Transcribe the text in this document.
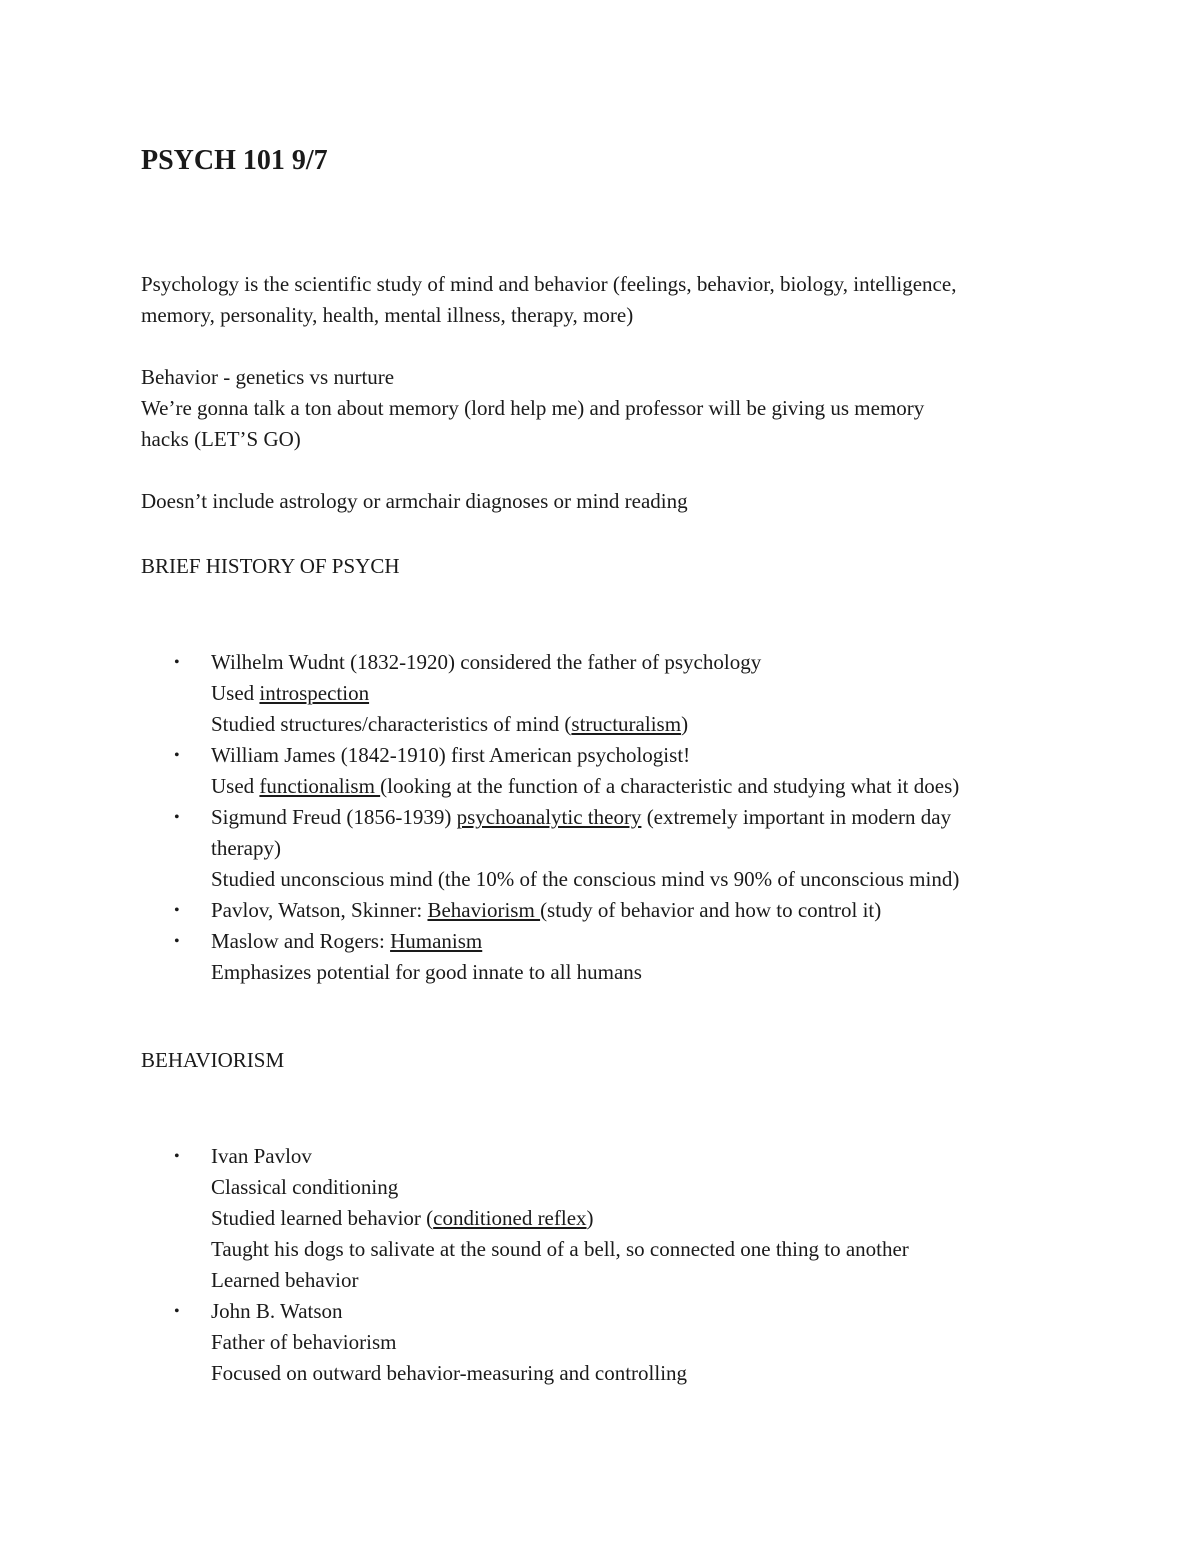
PSYCH 101 9/7

Psychology is the scientific study of mind and behavior (feelings, behavior, biology, intelligence,
memory, personality, health, mental illness, therapy, more)

Behavior - genetics vs nurture
We’re gonna talk a ton about memory (lord help me) and professor will be giving us memory
hacks (LET’S GO)

Doesn’t include astrology or armchair diagnoses or mind reading

BRIEF HISTORY OF PSYCH
• Wilhelm Wudnt (1832-1920) considered the father of psychology
Used introspection
Studied structures/characteristics of mind (structuralism)
• William James (1842-1910) first American psychologist!
Used functionalism (looking at the function of a characteristic and studying what it does)
• Sigmund Freud (1856-1939) psychoanalytic theory (extremely important in modern day
therapy)
Studied unconscious mind (the 10% of the conscious mind vs 90% of unconscious mind)
• Pavlov, Watson, Skinner: Behaviorism (study of behavior and how to control it)
• Maslow and Rogers: Humanism
Emphasizes potential for good innate to all humans
BEHAVIORISM
• Ivan Pavlov
Classical conditioning
Studied learned behavior (conditioned reflex)
Taught his dogs to salivate at the sound of a bell, so connected one thing to another
Learned behavior
• John B. Watson
Father of behaviorism
Focused on outward behavior-measuring and controlling
